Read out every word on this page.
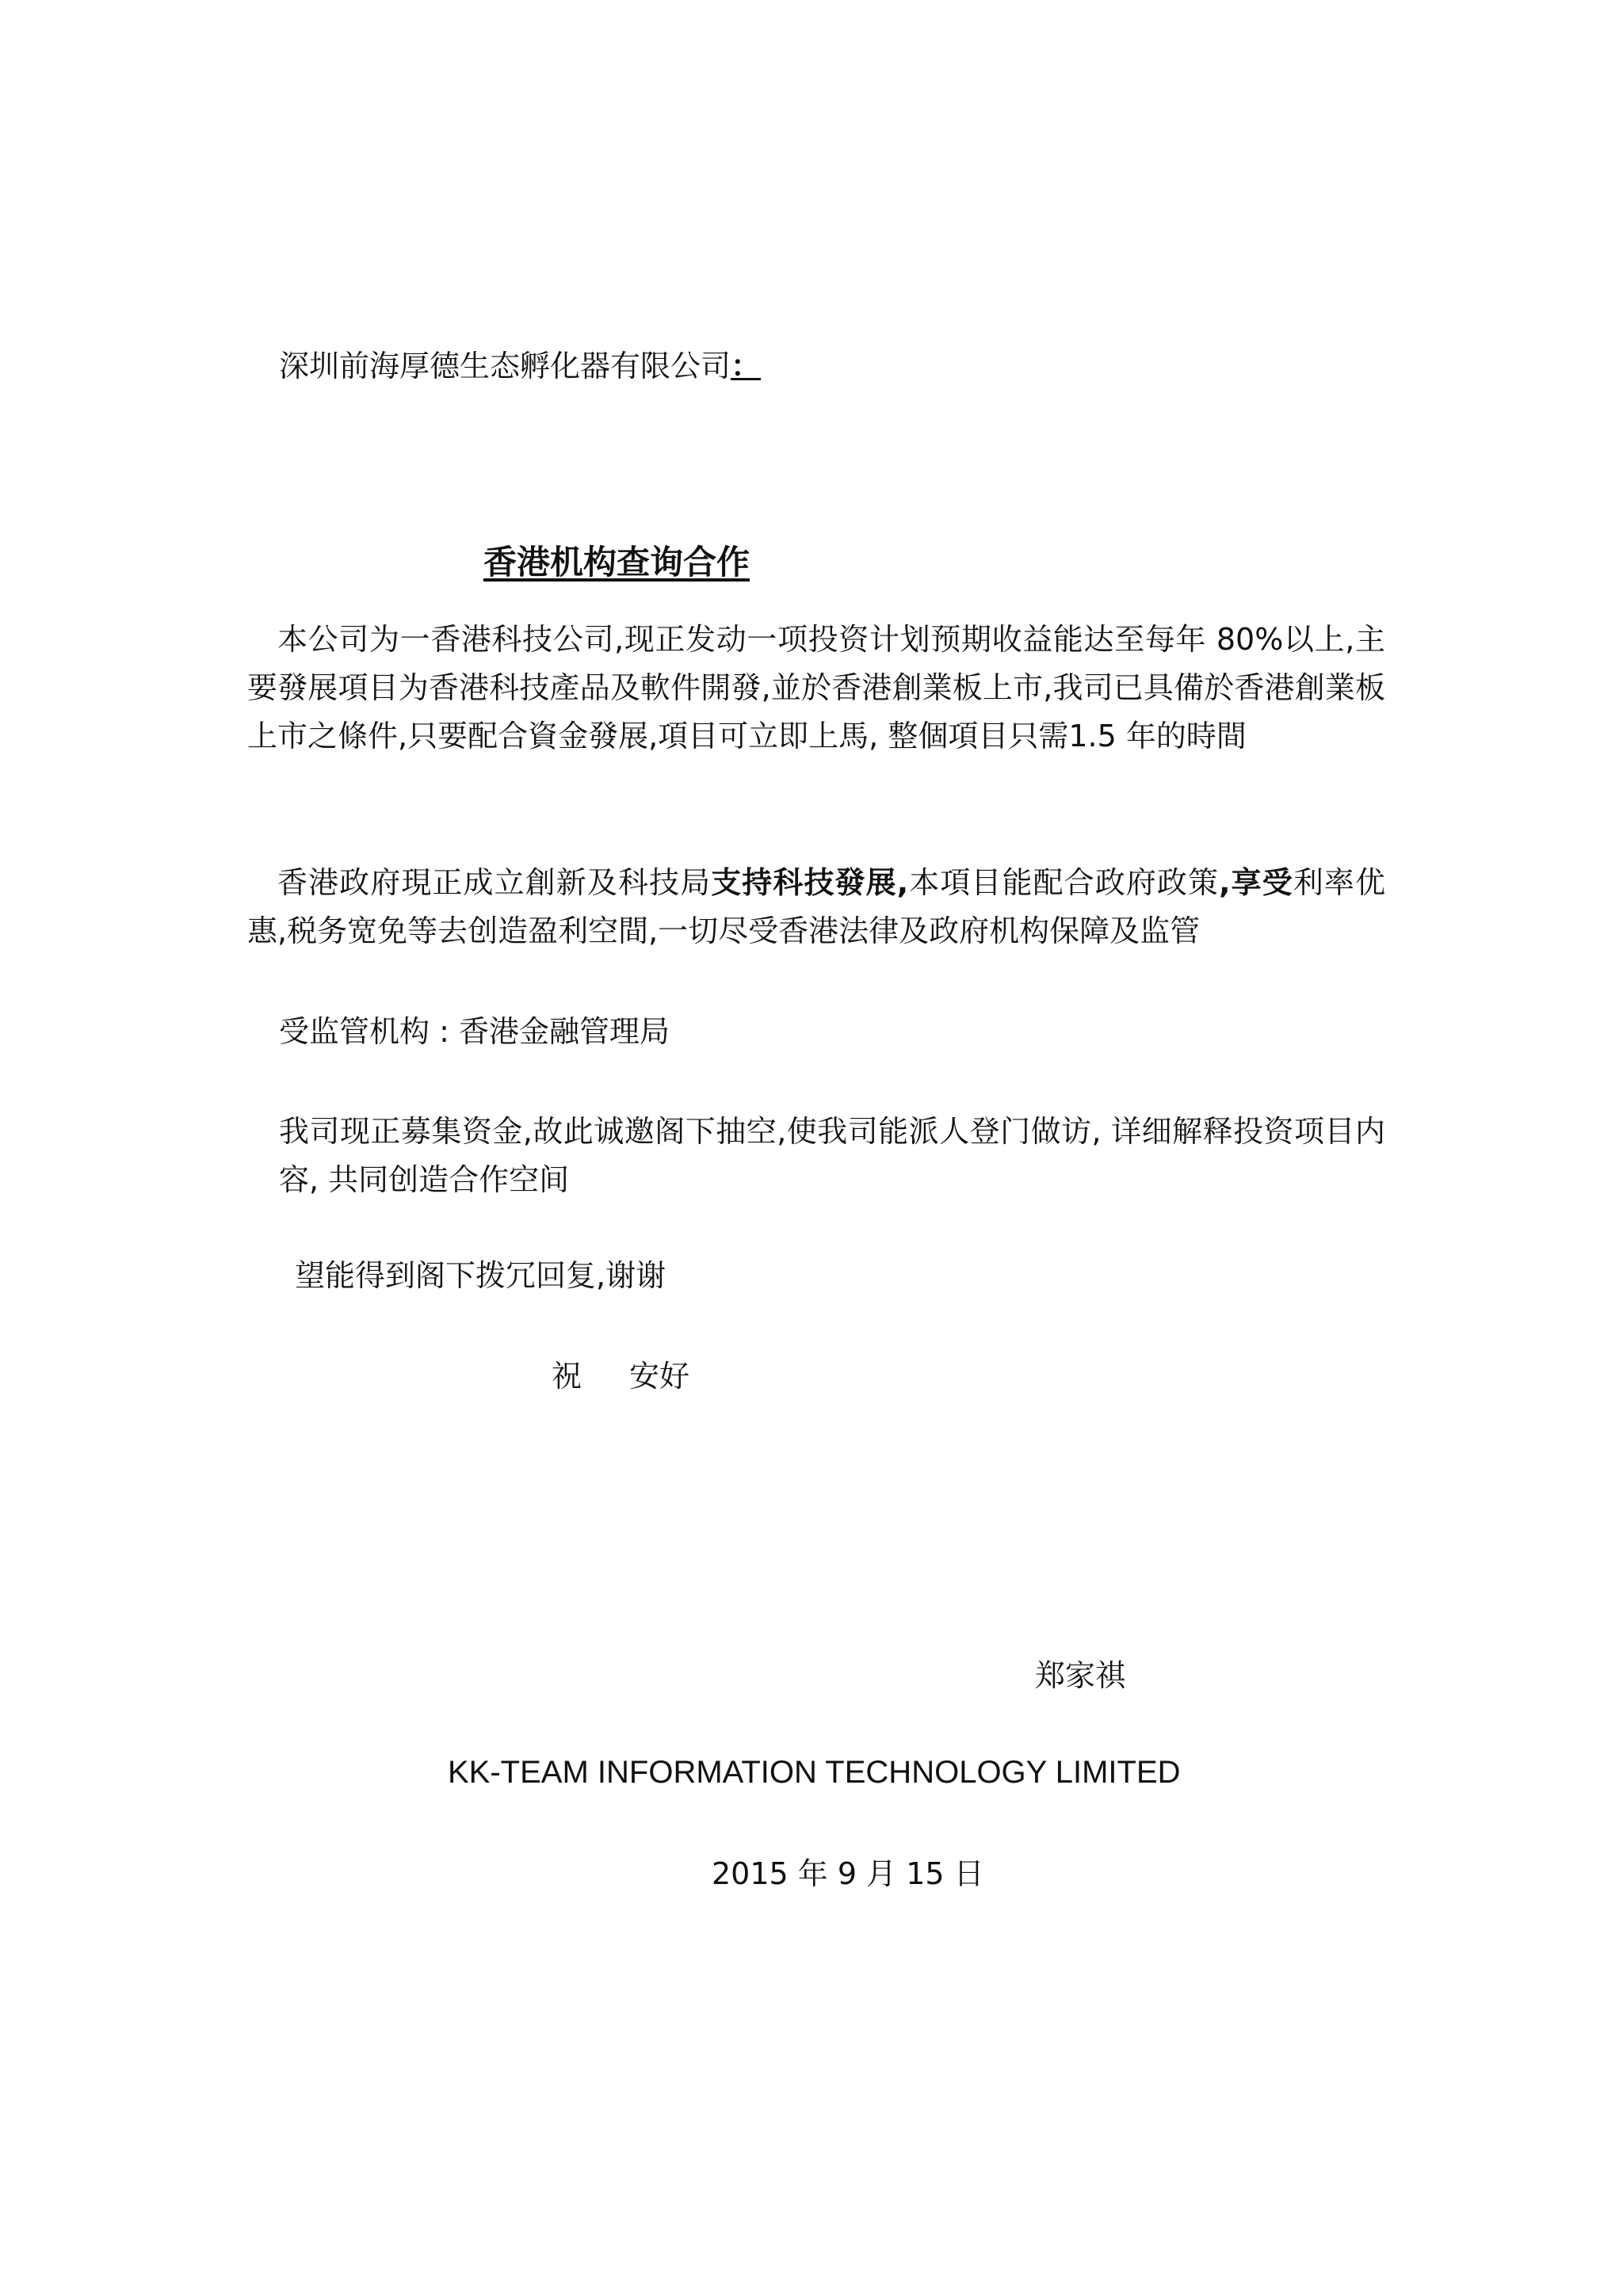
深圳前海厚德生态孵化器有限公司：
香港机构查询合作
本公司为一香港科技公司,现正发动一项投资计划预期收益能达至每年 80%以上,主要發展項目为香港科技產品及軟件開發,並於香港創業板上市,我司已具備於香港創業板上市之條件,只要配合資金發展,項目可立即上馬, 整個項目只需1.5 年的時間
香港政府現正成立創新及科技局支持科技發展,本項目能配合政府政策,享受利率优惠,税务宽免等去创造盈利空間,一切尽受香港法律及政府机构保障及监管
受监管机构 : 香港金融管理局
我司现正募集资金,故此诚邀阁下抽空,使我司能派人登门做访, 详细解释投资项目内容, 共同创造合作空间
望能得到阁下拨冗回复,谢谢
祝 安好
郑家祺
KK-TEAM INFORMATION TECHNOLOGY LIMITED
2015 年 9 月 15 日
